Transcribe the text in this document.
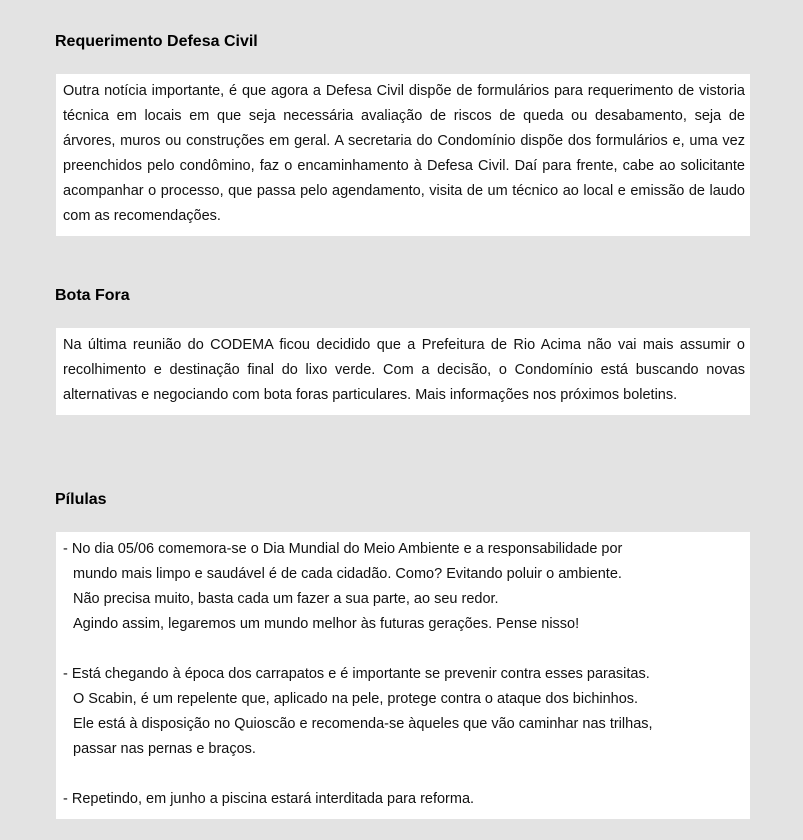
Requerimento Defesa Civil

Outra notícia importante, é que agora a Defesa Civil dispõe de formulários para requerimento de vistoria técnica em locais em que seja necessária avaliação de riscos de queda ou desabamento, seja de árvores, muros ou construções em geral. A secretaria do Condomínio dispõe dos formulários e, uma vez preenchidos pelo condômino, faz o encaminhamento à Defesa Civil. Daí para frente, cabe ao solicitante acompanhar o processo, que passa pelo agendamento, visita de um técnico ao local e emissão de laudo com as recomendações.

Bota Fora

Na última reunião do CODEMA ficou decidido que a Prefeitura de Rio Acima não vai mais assumir o recolhimento e destinação final do lixo verde. Com a decisão, o Condomínio está buscando novas alternativas e negociando com bota foras particulares. Mais informações nos próximos boletins.

Pílulas
- No dia 05/06 comemora-se o Dia Mundial do Meio Ambiente e a responsabilidade por
mundo mais limpo e saudável é de cada cidadão. Como? Evitando poluir o ambiente.
Não precisa muito, basta cada um fazer a sua parte, ao seu redor.
Agindo assim, legaremos um mundo melhor às futuras gerações. Pense nisso!
- Está chegando à época dos carrapatos e é importante se prevenir contra esses parasitas.
O Scabin, é um repelente que, aplicado na pele, protege contra o ataque dos bichinhos.
Ele está à disposição no Quioscão e recomenda-se àqueles que vão caminhar nas trilhas,
passar nas pernas e braços.
- Repetindo, em junho a piscina estará interditada para reforma.
